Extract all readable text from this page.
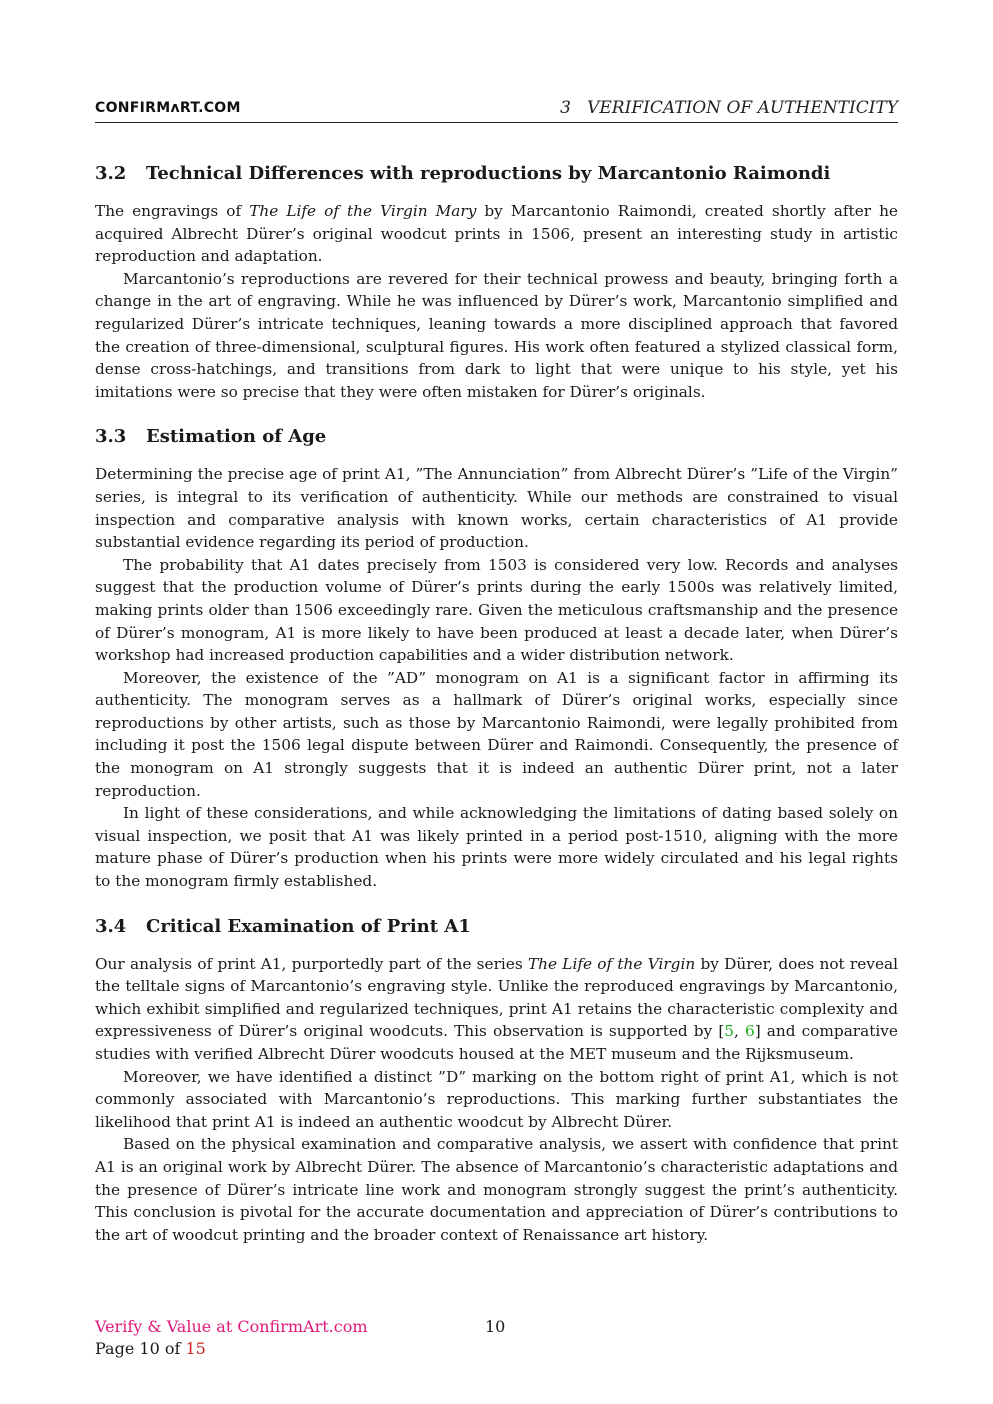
CONFIRMᴧRT.COM	3   VERIFICATION OF AUTHENTICITY
3.2 Technical Differences with reproductions by Marcantonio Raimondi

The engravings of The Life of the Virgin Mary by Marcantonio Raimondi, created shortly after he acquired Albrecht Dürer’s original woodcut prints in 1506, present an interesting study in artistic reproduction and adaptation.

Marcantonio’s reproductions are revered for their technical prowess and beauty, bringing forth a change in the art of engraving. While he was influenced by Dürer’s work, Marcantonio simplified and regularized Dürer’s intricate techniques, leaning towards a more disciplined approach that favored the creation of three-dimensional, sculptural figures. His work often featured a stylized classical form, dense cross-hatchings, and transitions from dark to light that were unique to his style, yet his imitations were so precise that they were often mistaken for Dürer’s originals.

3.3 Estimation of Age

Determining the precise age of print A1, ”The Annunciation” from Albrecht Dürer’s ”Life of the Virgin” series, is integral to its verification of authenticity. While our methods are constrained to visual inspection and comparative analysis with known works, certain characteristics of A1 provide substantial evidence regarding its period of production.

The probability that A1 dates precisely from 1503 is considered very low. Records and analyses suggest that the production volume of Dürer’s prints during the early 1500s was relatively limited, making prints older than 1506 exceedingly rare. Given the meticulous craftsmanship and the presence of Dürer’s monogram, A1 is more likely to have been produced at least a decade later, when Dürer’s workshop had increased production capabilities and a wider distribution network.

Moreover, the existence of the ”AD” monogram on A1 is a significant factor in affirming its authenticity. The monogram serves as a hallmark of Dürer’s original works, especially since reproductions by other artists, such as those by Marcantonio Raimondi, were legally prohibited from including it post the 1506 legal dispute between Dürer and Raimondi. Consequently, the presence of the monogram on A1 strongly suggests that it is indeed an authentic Dürer print, not a later reproduction.

In light of these considerations, and while acknowledging the limitations of dating based solely on visual inspection, we posit that A1 was likely printed in a period post-1510, aligning with the more mature phase of Dürer’s production when his prints were more widely circulated and his legal rights to the monogram firmly established.

3.4 Critical Examination of Print A1

Our analysis of print A1, purportedly part of the series The Life of the Virgin by Dürer, does not reveal the telltale signs of Marcantonio’s engraving style. Unlike the reproduced engravings by Marcantonio, which exhibit simplified and regularized techniques, print A1 retains the characteristic complexity and expressiveness of Dürer’s original woodcuts. This observation is supported by [5, 6] and comparative studies with verified Albrecht Dürer woodcuts housed at the MET museum and the Rijksmuseum.

Moreover, we have identified a distinct ”D” marking on the bottom right of print A1, which is not commonly associated with Marcantonio’s reproductions. This marking further substantiates the likelihood that print A1 is indeed an authentic woodcut by Albrecht Dürer.

Based on the physical examination and comparative analysis, we assert with confidence that print A1 is an original work by Albrecht Dürer. The absence of Marcantonio’s characteristic adaptations and the presence of Dürer’s intricate line work and monogram strongly suggest the print’s authenticity. This conclusion is pivotal for the accurate documentation and appreciation of Dürer’s contributions to the art of woodcut printing and the broader context of Renaissance art history.

Verify & Value at ConfirmArt.com
Page 10 of 15
10
